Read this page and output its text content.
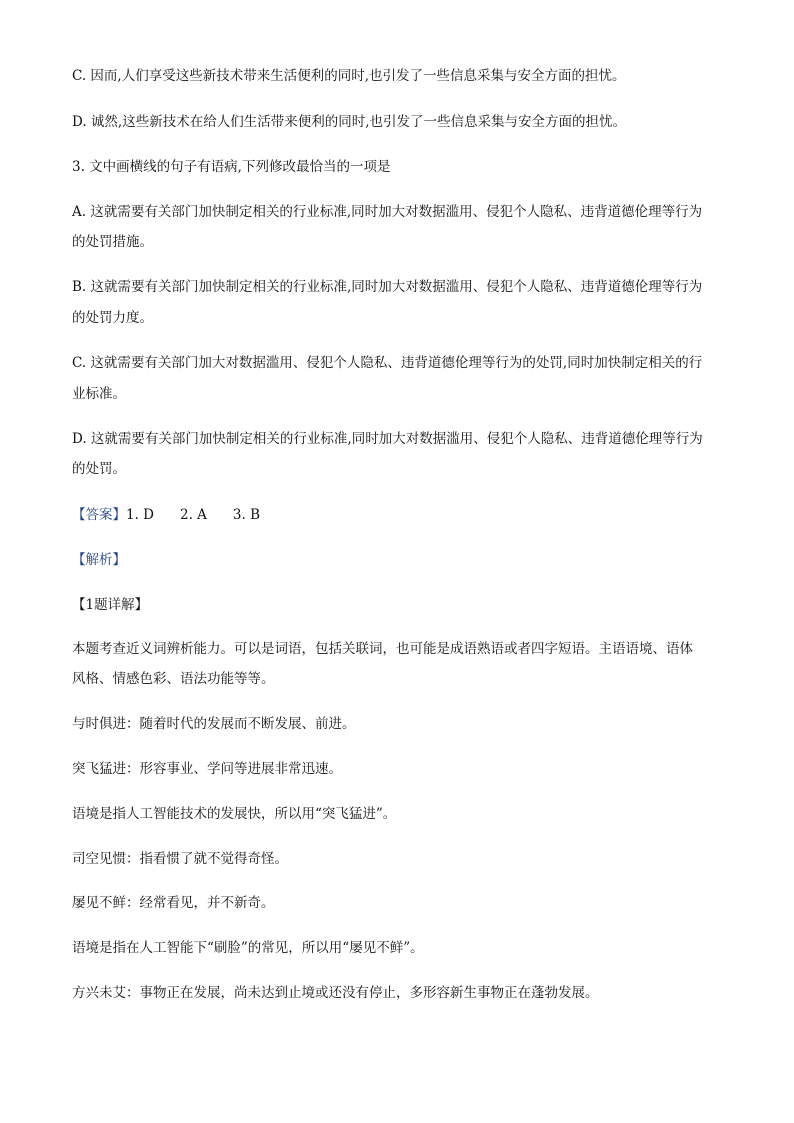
C. 因而,人们享受这些新技术带来生活便利的同时,也引发了一些信息采集与安全方面的担忧。
D. 诚然,这些新技术在给人们生活带来便利的同时,也引发了一些信息采集与安全方面的担忧。
3. 文中画横线的句子有语病,下列修改最恰当的一项是
A. 这就需要有关部门加快制定相关的行业标准,同时加大对数据滥用、侵犯个人隐私、违背道德伦理等行为
的处罚措施。
B. 这就需要有关部门加快制定相关的行业标准,同时加大对数据滥用、侵犯个人隐私、违背道德伦理等行为
的处罚力度。
C. 这就需要有关部门加大对数据滥用、侵犯个人隐私、违背道德伦理等行为的处罚,同时加快制定相关的行
业标准。
D. 这就需要有关部门加快制定相关的行业标准,同时加大对数据滥用、侵犯个人隐私、违背道德伦理等行为
的处罚。
【答案】1. D 2. A 3. B
【解析】
【1题详解】
本题考查近义词辨析能力。可以是词语，包括关联词，也可能是成语熟语或者四字短语。主语语境、语体
风格、情感色彩、语法功能等等。
与时俱进：随着时代的发展而不断发展、前进。
突飞猛进：形容事业、学问等进展非常迅速。
语境是指人工智能技术的发展快，所以用“突飞猛进”。
司空见惯：指看惯了就不觉得奇怪。
屡见不鲜：经常看见，并不新奇。
语境是指在人工智能下“刷脸”的常见，所以用“屡见不鲜”。
方兴未艾：事物正在发展，尚未达到止境或还没有停止，多形容新生事物正在蓬勃发展。
